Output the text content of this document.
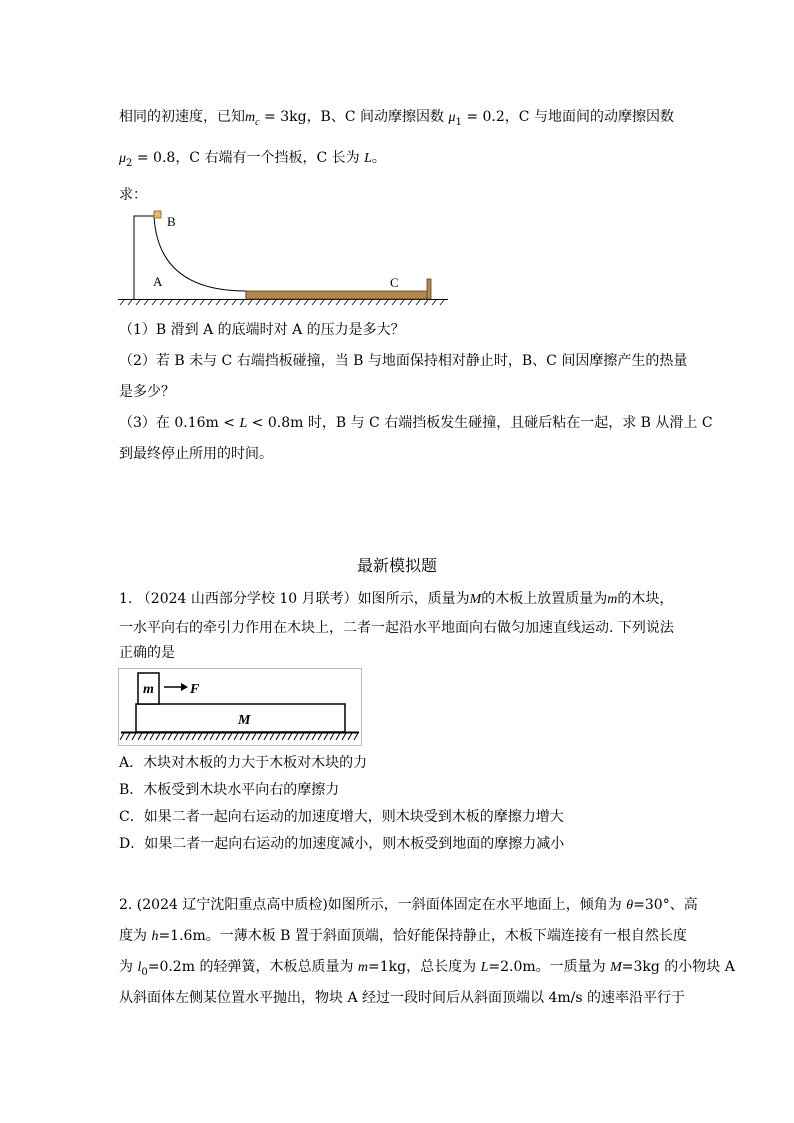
相同的初速度，已知$m_c = 3kg$，B、C 间动摩擦因数 $\mu_1 = 0.2$，C 与地面间的动摩擦因数
$\mu_2 = 0.8$，C 右端有一个挡板，C 长为 L。
求：
B
A	C
（1）B 滑到 A 的底端时对 A 的压力是多大？
（2）若 B 未与 C 右端挡板碰撞，当 B 与地面保持相对静止时，B、C 间因摩擦产生的热量
是多少？
（3）在 0.16m < L < 0.8m 时，B 与 C 右端挡板发生碰撞，且碰后粘在一起，求 B 从滑上 C
到最终停止所用的时间。
最新模拟题
1. （2024 山西部分学校 10 月联考）如图所示，质量为M的木板上放置质量为m的木块，
一水平向右的牵引力作用在木块上，二者一起沿水平地面向右做匀加速直线运动. 下列说法
正确的是
m	F
M
A．木块对木板的力大于木板对木块的力
B．木板受到木块水平向右的摩擦力
C．如果二者一起向右运动的加速度增大，则木块受到木板的摩擦力增大
D．如果二者一起向右运动的加速度减小，则木板受到地面的摩擦力减小
2. (2024 辽宁沈阳重点高中质检)如图所示，一斜面体固定在水平地面上，倾角为 θ=30°、高
度为 h=1.6m。一薄木板 B 置于斜面顶端，恰好能保持静止，木板下端连接有一根自然长度
为 $l_0=0.2m$ 的轻弹簧，木板总质量为 m=1kg，总长度为 L=2.0m。一质量为 M=3kg 的小物块 A
从斜面体左侧某位置水平抛出，物块 A 经过一段时间后从斜面顶端以 4m/s 的速率沿平行于
